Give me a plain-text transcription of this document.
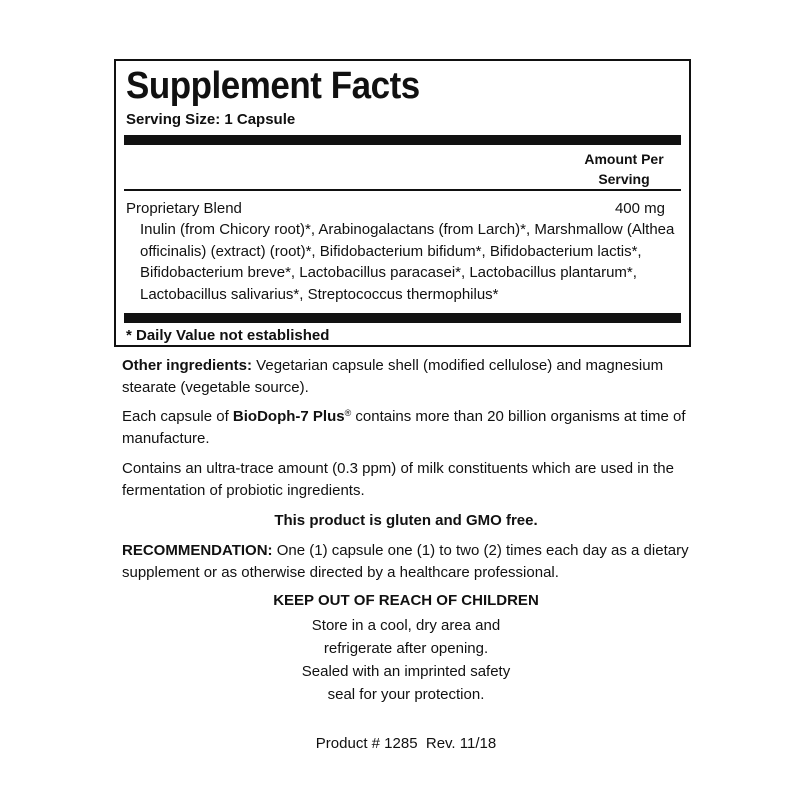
Supplement Facts
Serving Size: 1 Capsule
Amount Per
Serving
Proprietary Blend	400 mg
Inulin (from Chicory root)*, Arabinogalactans (from Larch)*, Marshmallow (Althea officinalis) (extract) (root)*, Bifidobacterium bifidum*, Bifidobacterium lactis*, Bifidobacterium breve*, Lactobacillus paracasei*, Lactobacillus plantarum*, Lactobacillus salivarius*, Streptococcus thermophilus*
* Daily Value not established
Other ingredients: Vegetarian capsule shell (modified cellulose) and magnesium stearate (vegetable source).
Each capsule of BioDoph-7 Plus® contains more than 20 billion organisms at time of manufacture.
Contains an ultra-trace amount (0.3 ppm) of milk constituents which are used in the fermentation of probiotic ingredients.
This product is gluten and GMO free.
RECOMMENDATION: One (1) capsule one (1) to two (2) times each day as a dietary supplement or as otherwise directed by a healthcare professional.
KEEP OUT OF REACH OF CHILDREN
Store in a cool, dry area and
refrigerate after opening.
Sealed with an imprinted safety
seal for your protection.
Product # 1285  Rev. 11/18
